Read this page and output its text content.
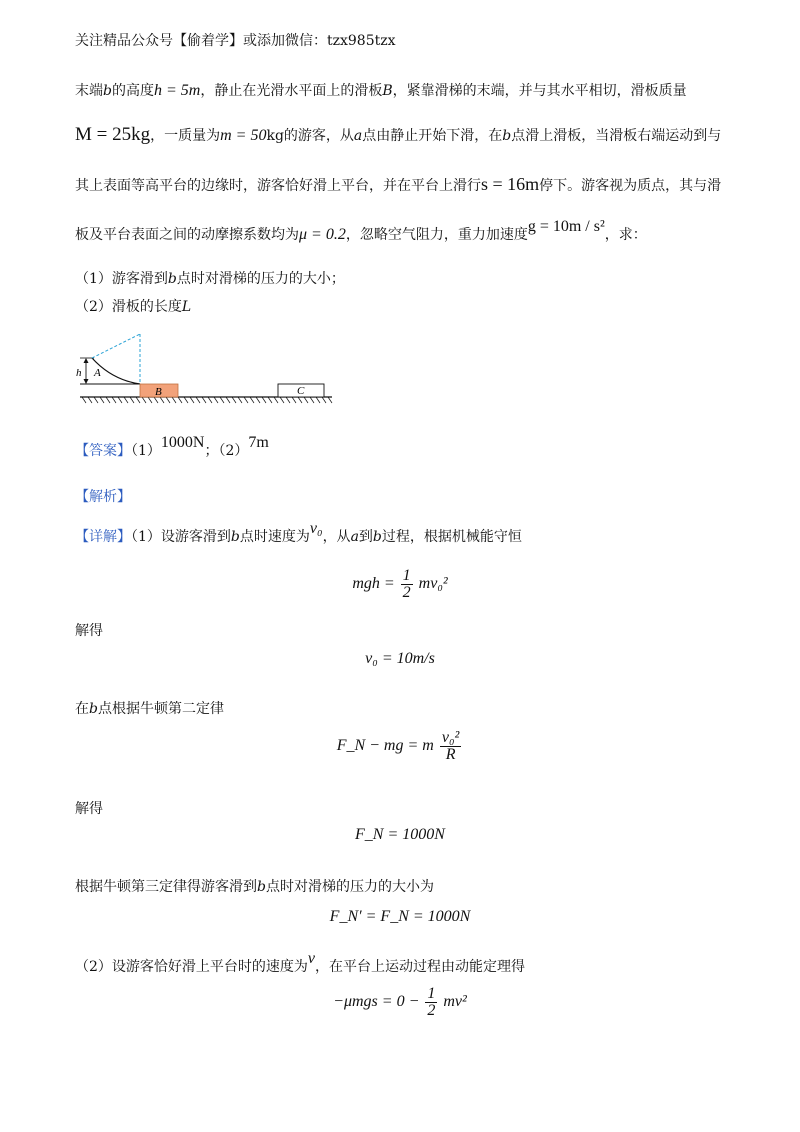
关注精品公众号【偷着学】或添加微信：tzx985tzx
末端b的高度h = 5m，静止在光滑水平面上的滑板B，紧靠滑梯的末端，并与其水平相切，滑板质量
M = 25kg，一质量为m = 50kg的游客，从a点由静止开始下滑，在b点滑上滑板，当滑板右端运动到与
其上表面等高平台的边缘时，游客恰好滑上平台，并在平台上滑行s = 16m停下。游客视为质点，其与滑
板及平台表面之间的动摩擦系数均为μ = 0.2，忽略空气阻力，重力加速度g = 10m / s²，求：
（1）游客滑到b点时对滑梯的压力的大小；
（2）滑板的长度L
h A
B	C
【答案】（1）1000N；（2）7m
【解析】
【详解】（1）设游客滑到b点时速度为v₀，从a到b过程，根据机械能守恒
mgh = $\frac{1}{2} mv_0^2$
解得
v₀ = 10m/s
在b点根据牛顿第二定律
F_N − mg = m $\frac{\text{v₀²}}{R}$
解得
F_N = 1000N
根据牛顿第三定律得游客滑到b点时对滑梯的压力的大小为
F_N′ = F_N = 1000N
（2）设游客恰好滑上平台时的速度为v，在平台上运动过程由动能定理得
$-\mu mgs = 0 - \frac{1}{2} mv^2$
